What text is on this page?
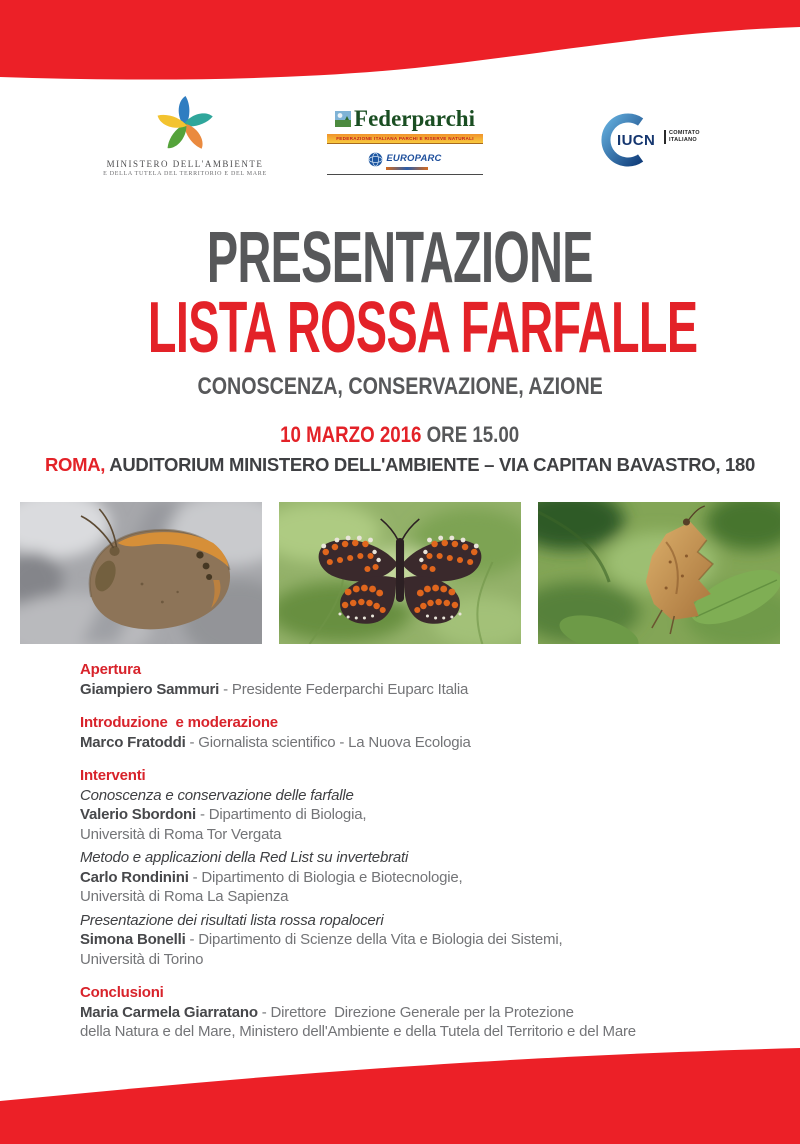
MINISTERO DELL'AMBIENTE
E DELLA TUTELA DEL TERRITORIO E DEL MARE
Federparchi
FEDERAZIONE ITALIANA PARCHI E RISERVE NATURALI
EUROPARC
IUCN COMITATO
ITALIANO
PRESENTAZIONE
LISTA ROSSA FARFALLE
CONOSCENZA, CONSERVAZIONE, AZIONE
10 MARZO 2016 ORE 15.00
ROMA, AUDITORIUM MINISTERO DELL'AMBIENTE – VIA CAPITAN BAVASTRO, 180
Apertura
Giampiero Sammuri - Presidente Federparchi Euparc Italia
Introduzione  e moderazione
Marco Fratoddi - Giornalista scientifico - La Nuova Ecologia
Interventi
Conoscenza e conservazione delle farfalle
Valerio Sbordoni - Dipartimento di Biologia,
Università di Roma Tor Vergata
Metodo e applicazioni della Red List su invertebrati
Carlo Rondinini - Dipartimento di Biologia e Biotecnologie,
Università di Roma La Sapienza
Presentazione dei risultati lista rossa ropaloceri
Simona Bonelli - Dipartimento di Scienze della Vita e Biologia dei Sistemi,
Università di Torino
Conclusioni
Maria Carmela Giarratano - Direttore  Direzione Generale per la Protezione
della Natura e del Mare, Ministero dell'Ambiente e della Tutela del Territorio e del Mare
